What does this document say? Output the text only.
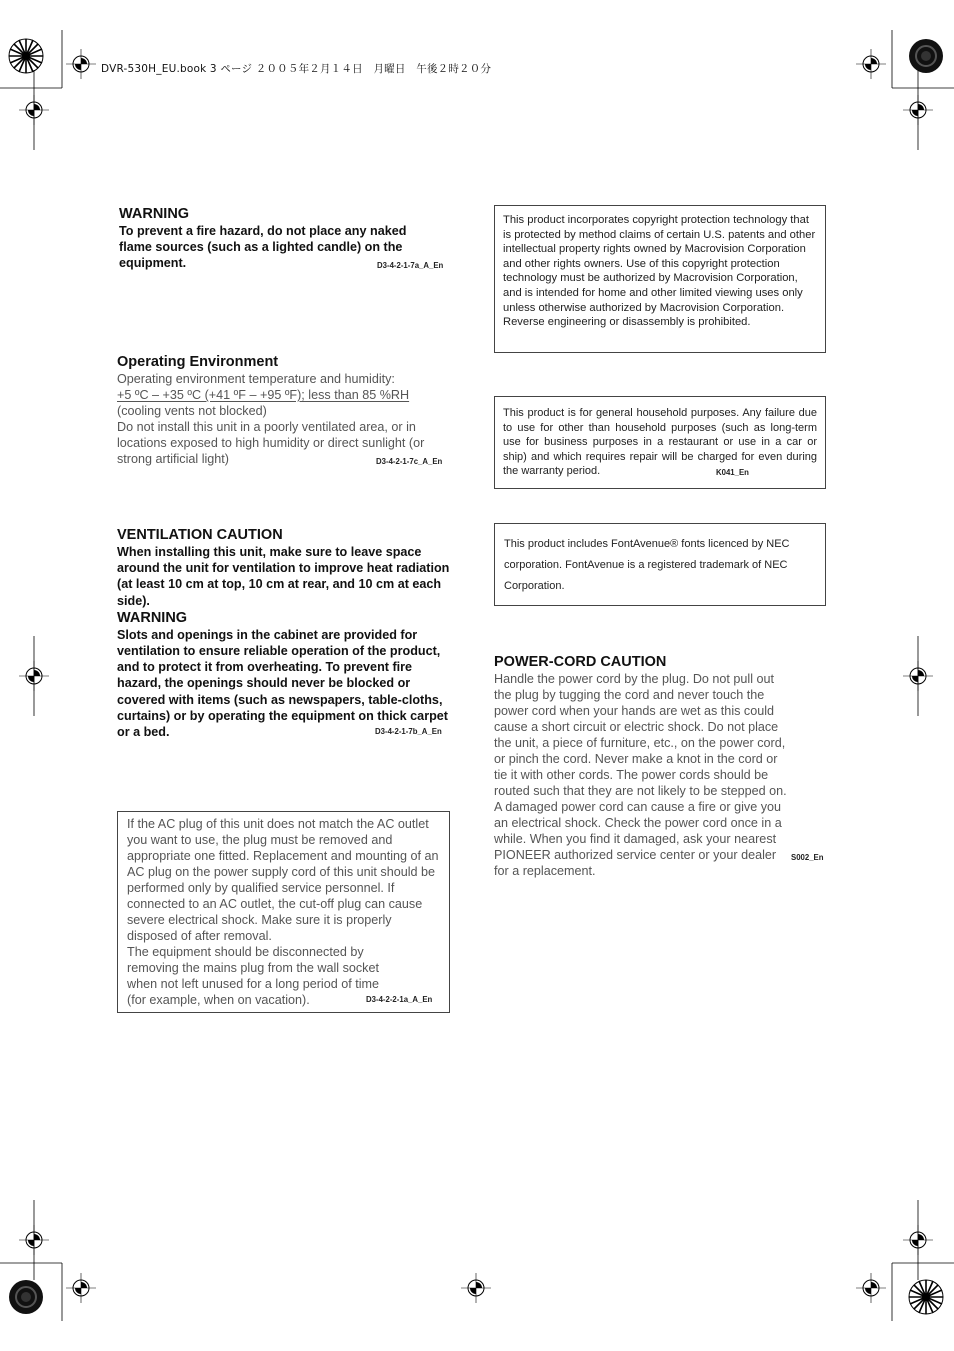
DVR-530H_EU.book 3 ページ ２００５年２月１４日　月曜日　午後２時２０分
WARNING

To prevent a fire hazard, do not place any naked flame sources (such as a lighted candle) on the equipment.	D3-4-2-1-7a_A_En
Operating Environment

Operating environment temperature and humidity:

+5 ºC – +35 ºC (+41 ºF – +95 ºF); less than 85 %RH

(cooling vents not blocked)

Do not install this unit in a poorly ventilated area, or in locations exposed to high humidity or direct sunlight (or strong artificial light)	D3-4-2-1-7c_A_En
VENTILATION CAUTION

When installing this unit, make sure to leave space around the unit for ventilation to improve heat radiation (at least 10 cm at top, 10 cm at rear, and 10 cm at each side).

WARNING

Slots and openings in the cabinet are provided for ventilation to ensure reliable operation of the product, and to protect it from overheating. To prevent fire hazard, the openings should never be blocked or covered with items (such as newspapers, table-cloths, curtains) or by operating the equipment on thick carpet or a bed.	D3-4-2-1-7b_A_En

If the AC plug of this unit does not match the AC outlet you want to use, the plug must be removed and appropriate one fitted. Replacement and mounting of an AC plug on the power supply cord of this unit should be performed only by qualified service personnel. If connected to an AC outlet, the cut-off plug can cause severe electrical shock. Make sure it is properly disposed of after removal.

The equipment should be disconnected by removing the mains plug from the wall socket when not left unused for a long period of time (for example, when on vacation).	D3-4-2-2-1a_A_En

This product incorporates copyright protection technology that is protected by method claims of certain U.S. patents and other intellectual property rights owned by Macrovision Corporation and other rights owners. Use of this copyright protection technology must be authorized by Macrovision Corporation, and is intended for home and other limited viewing uses only unless otherwise authorized by Macrovision Corporation. Reverse engineering or disassembly is prohibited.

This product is for general household purposes. Any failure due to use for other than household purposes (such as long-term use for business purposes in a restaurant or use in a car or ship) and which requires repair will be charged for even during the warranty period.	K041_En

This product includes FontAvenue® fonts licenced by NEC corporation. FontAvenue is a registered trademark of NEC Corporation.

POWER-CORD CAUTION

Handle the power cord by the plug. Do not pull out the plug by tugging the cord and never touch the power cord when your hands are wet as this could cause a short circuit or electric shock. Do not place the unit, a piece of furniture, etc., on the power cord, or pinch the cord. Never make a knot in the cord or tie it with other cords. The power cords should be routed such that they are not likely to be stepped on. A damaged power cord can cause a fire or give you an electrical shock. Check the power cord once in a while. When you find it damaged, ask your nearest PIONEER authorized service center or your dealer for a replacement.

S002_En
